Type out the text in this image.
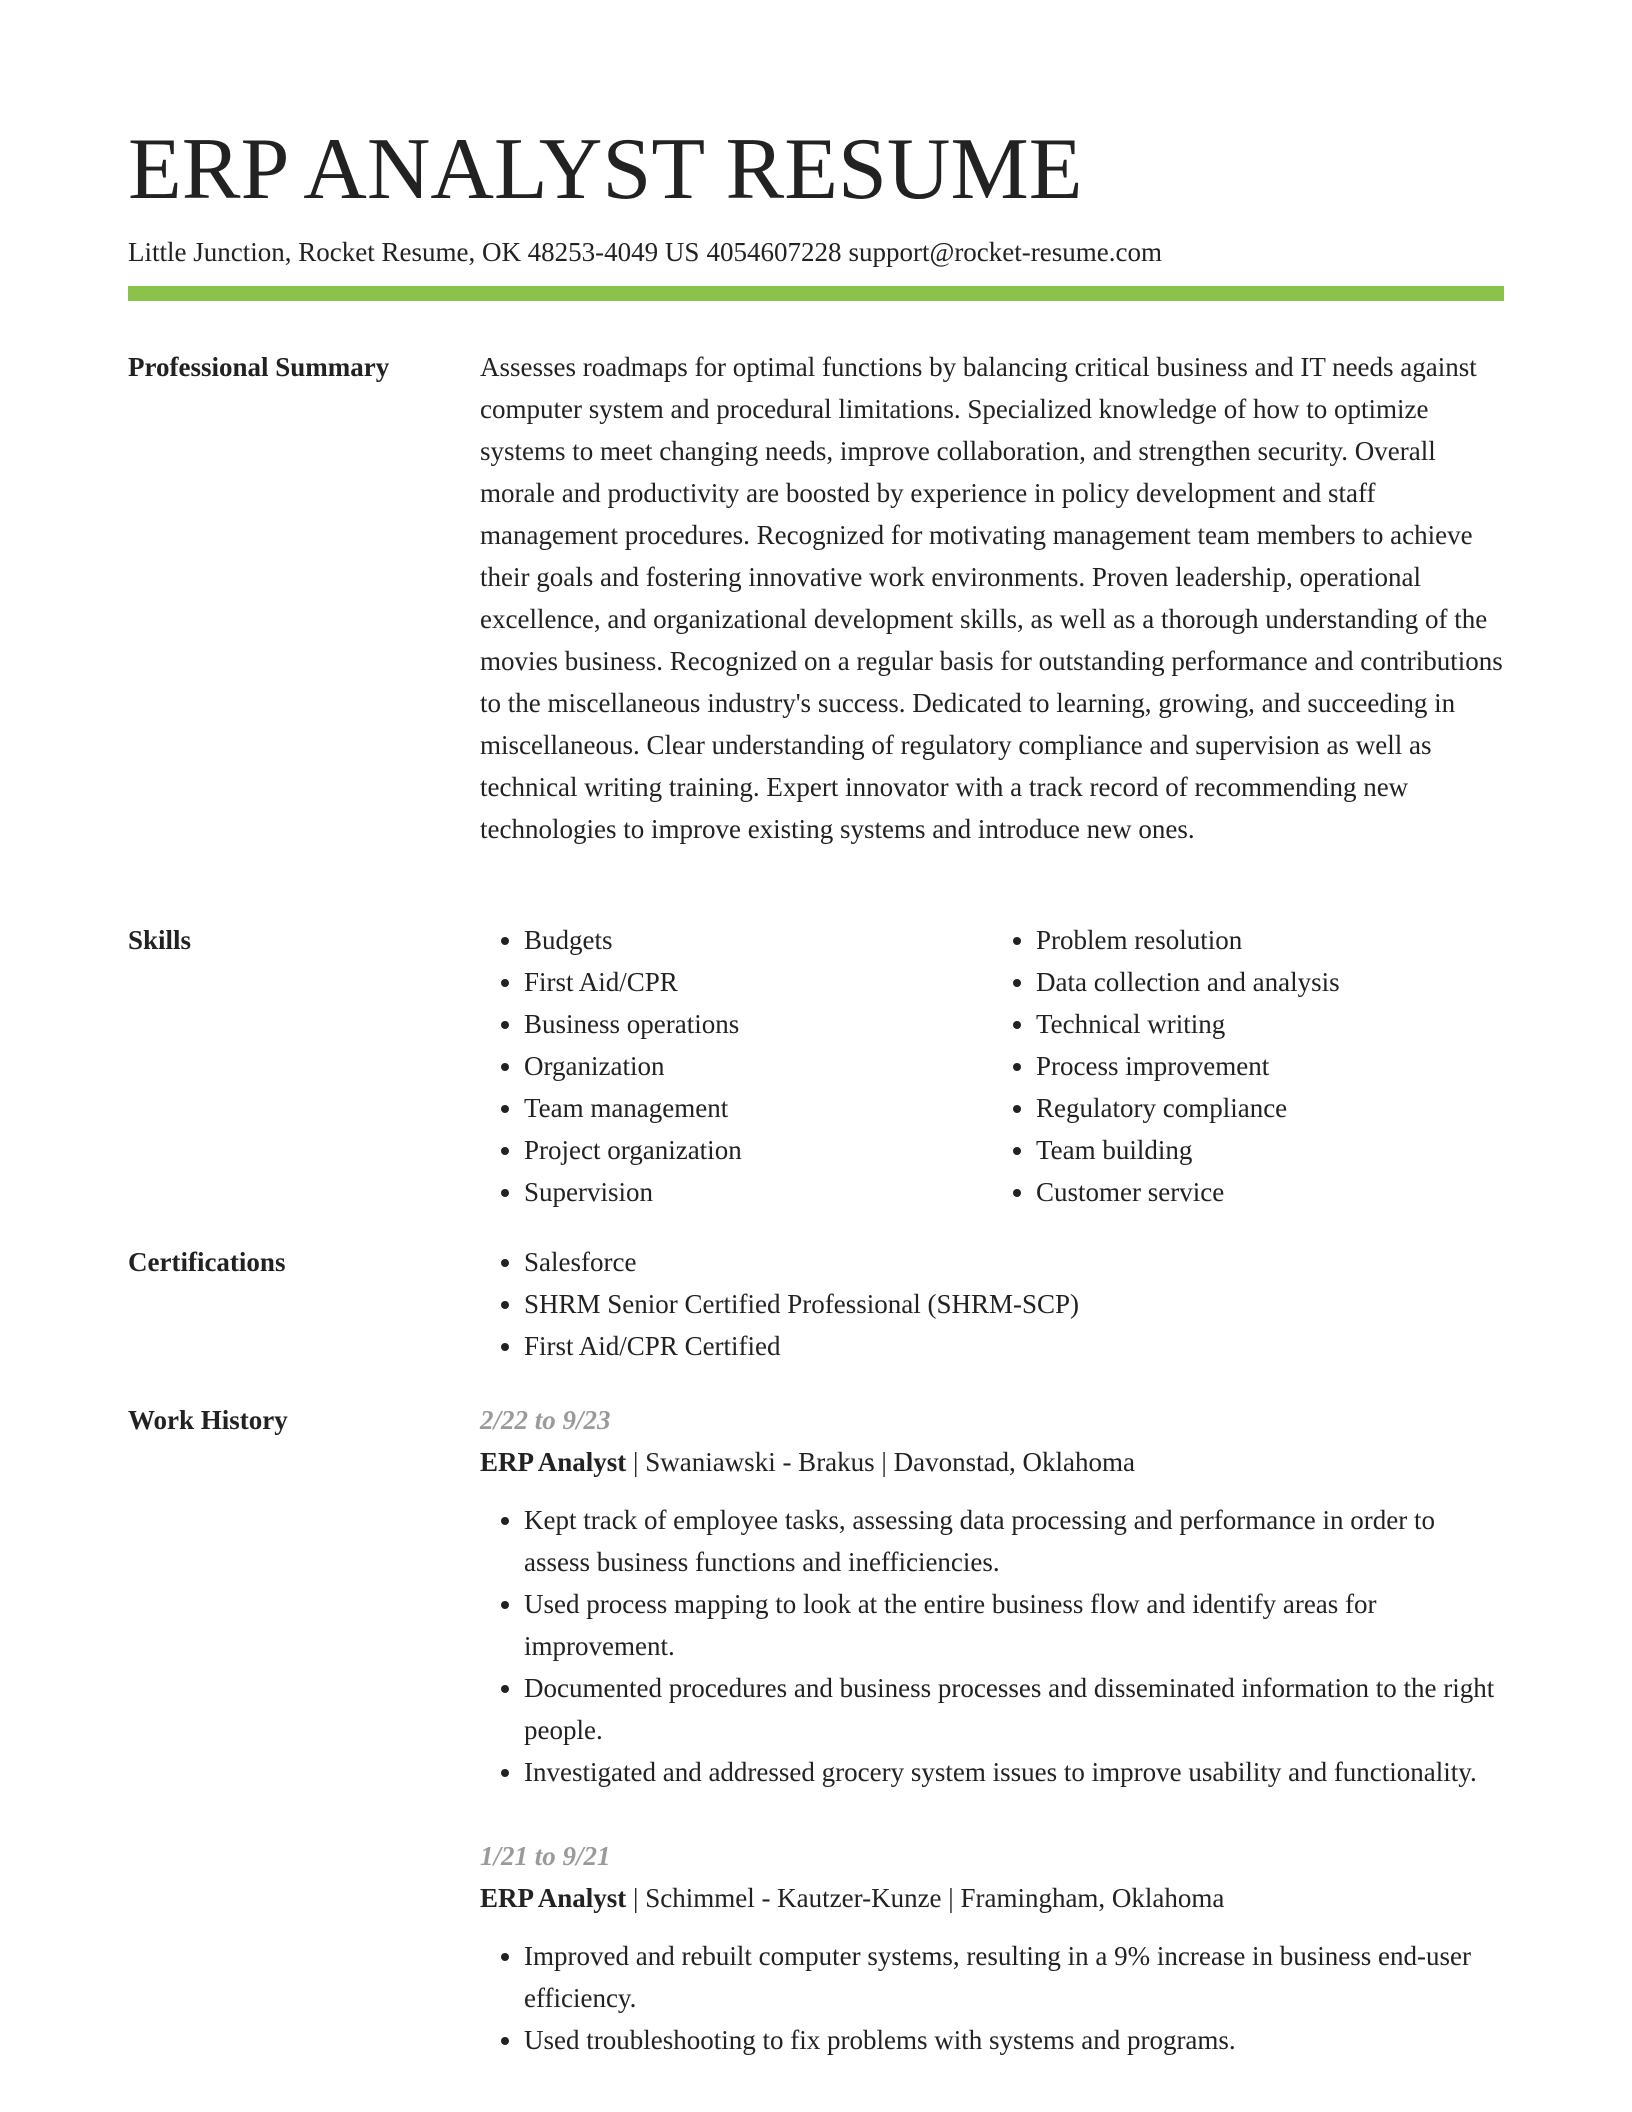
ERP ANALYST RESUME
Little Junction, Rocket Resume, OK 48253-4049 US 4054607228 support@rocket-resume.com
Professional Summary	Assesses roadmaps for optimal functions by balancing critical business and IT needs against computer system and procedural limitations. Specialized knowledge of how to optimize systems to meet changing needs, improve collaboration, and strengthen security. Overall morale and productivity are boosted by experience in policy development and staff management procedures. Recognized for motivating management team members to achieve their goals and fostering innovative work environments. Proven leadership, operational excellence, and organizational development skills, as well as a thorough understanding of the movies business. Recognized on a regular basis for outstanding performance and contributions to the miscellaneous industry's success. Dedicated to learning, growing, and succeeding in miscellaneous. Clear understanding of regulatory compliance and supervision as well as technical writing training. Expert innovator with a track record of recommending new technologies to improve existing systems and introduce new ones.

Skills	• Budgets
• First Aid/CPR
• Business operations
• Organization
• Team management
• Project organization
• Supervision
• Problem resolution
• Data collection and analysis
• Technical writing
• Process improvement
• Regulatory compliance
• Team building
• Customer service
Certifications	• Salesforce
• SHRM Senior Certified Professional (SHRM-SCP)
• First Aid/CPR Certified
Work History	2/22 to 9/23

ERP Analyst | Swaniawski - Brakus | Davonstad, Oklahoma

• Kept track of employee tasks, assessing data processing and performance in order to assess business functions and inefficiencies.
• Used process mapping to look at the entire business flow and identify areas for improvement.
• Documented procedures and business processes and disseminated information to the right people.
• Investigated and addressed grocery system issues to improve usability and functionality.

1/21 to 9/21

ERP Analyst | Schimmel - Kautzer-Kunze | Framingham, Oklahoma

• Improved and rebuilt computer systems, resulting in a 9% increase in business end-user efficiency.
• Used troubleshooting to fix problems with systems and programs.
